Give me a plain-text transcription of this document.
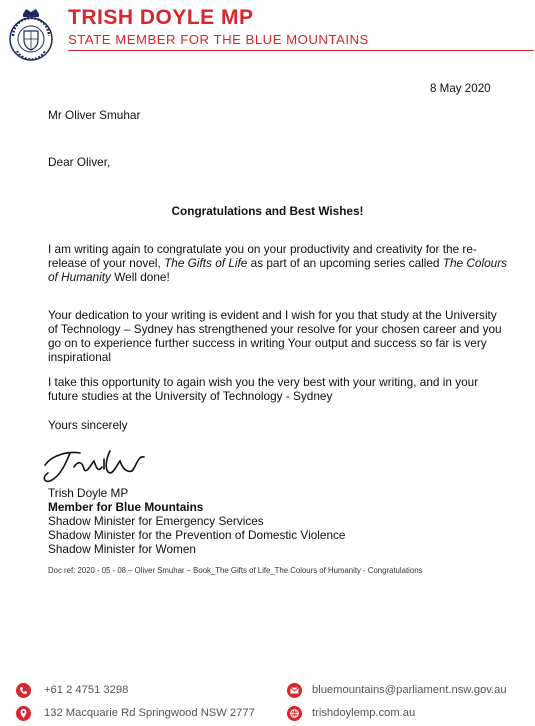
TRISH DOYLE MP
STATE MEMBER FOR THE BLUE MOUNTAINS
8 May 2020
Mr Oliver Smuhar
Dear Oliver,
Congratulations and Best Wishes!
I am writing again to congratulate you on your productivity and creativity for the re-release of your novel, The Gifts of Life as part of an upcoming series called The Colours of Humanity Well done!
Your dedication to your writing is evident and I wish for you that study at the University of Technology – Sydney has strengthened your resolve for your chosen career and you go on to experience further success in writing Your output and success so far is very inspirational
I take this opportunity to again wish you the very best with your writing, and in your future studies at the University of Technology - Sydney
Yours sincerely
Trish Doyle MP
Member for Blue Mountains
Shadow Minister for Emergency Services
Shadow Minister for the Prevention of Domestic Violence
Shadow Minister for Women
Doc ref: 2020 - 05 - 08 – Oliver Smuhar – Book_The Gifts of Life_The Colours of Humanity - Congratulations
+61 2 4751 3298
132 Macquarie Rd Springwood NSW 2777
bluemountains@parliament.nsw.gov.au
trishdoylemp.com.au
